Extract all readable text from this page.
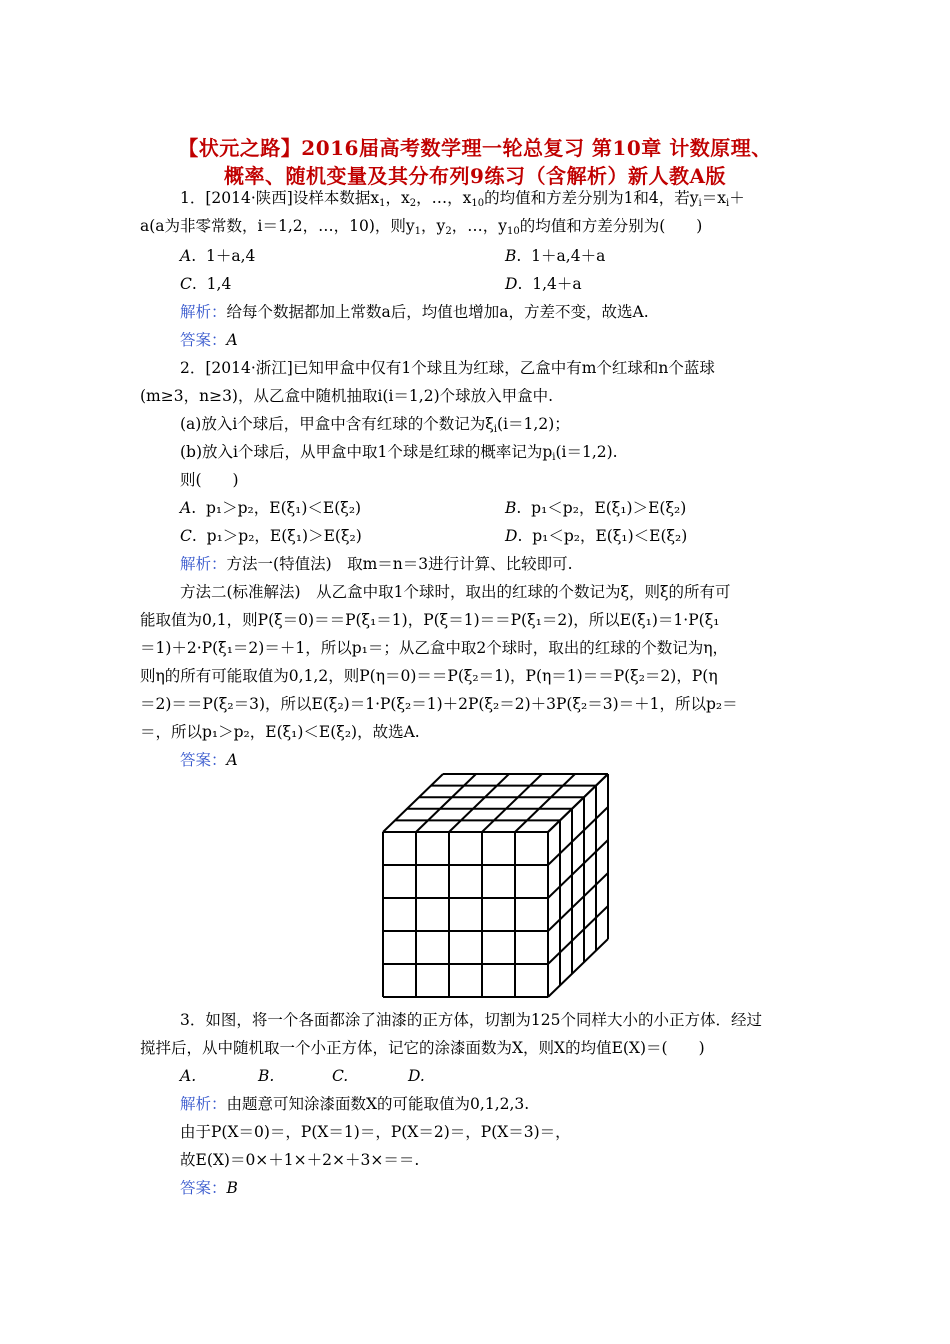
【状元之路】2016届高考数学理一轮总复习 第10章 计数原理、
概率、随机变量及其分布列9练习（含解析）新人教A版
1．[2014·陕西]设样本数据$x_1$，$x_2$，…，$x_{10}$的均值和方差分别为1和4，若$y_i=x_i+$
a(a为非零常数，i＝1,2，…，10)，则$y_1$，$y_2$，…，$y_{10}$的均值和方差分别为(　　)
A.  1＋a,4	B.  1＋a,4＋a
C.  1,4	D.  1,4＋a
解析：给每个数据都加上常数a后，均值也增加a，方差不变，故选A.
答案：A
2．[2014·浙江]已知甲盒中仅有1个球且为红球，乙盒中有m个红球和n个蓝球
(m≥3，n≥3)，从乙盒中随机抽取i(i＝1,2)个球放入甲盒中.
(a)放入i个球后，甲盒中含有红球的个数记为$\xi_i(i=1,2)$；
(b)放入i个球后，从甲盒中取1个球是红球的概率记为$p_i(i=1,2)$.
则(　　)
A.  p₁＞p₂，E(ξ₁)＜E(ξ₂)	B.  p₁＜p₂，E(ξ₁)＞E(ξ₂)
C.  p₁＞p₂，E(ξ₁)＞E(ξ₂)	D.  p₁＜p₂，E(ξ₁)＜E(ξ₂)
解析：方法一(特值法)　取m＝n＝3进行计算、比较即可.
方法二(标准解法)　从乙盒中取1个球时，取出的红球的个数记为ξ，则ξ的所有可
能取值为0,1，则P(ξ＝0)＝＝P(ξ₁＝1)，P(ξ＝1)＝＝P(ξ₁＝2)，所以E(ξ₁)＝1·P(ξ₁
＝1)＋2·P(ξ₁＝2)＝＋1，所以p₁＝；从乙盒中取2个球时，取出的红球的个数记为η，
则η的所有可能取值为0,1,2，则P(η＝0)＝＝P(ξ₂＝1)，P(η＝1)＝＝P(ξ₂＝2)，P(η
＝2)＝＝P(ξ₂＝3)，所以E(ξ₂)＝1·P(ξ₂＝1)＋2P(ξ₂＝2)＋3P(ξ₂＝3)＝＋1，所以p₂＝
＝，所以p₁＞p₂，E(ξ₁)＜E(ξ₂)，故选A.
答案：A
3．如图，将一个各面都涂了油漆的正方体，切割为125个同样大小的小正方体．经过
搅拌后，从中随机取一个小正方体，记它的涂漆面数为X，则X的均值E(X)＝(　　)
A.	B.	C.	D.
解析：由题意可知涂漆面数X的可能取值为0,1,2,3.
由于P(X＝0)＝，P(X＝1)＝，P(X＝2)＝，P(X＝3)＝，
故E(X)＝0×＋1×＋2×＋3×＝＝.
答案：B
